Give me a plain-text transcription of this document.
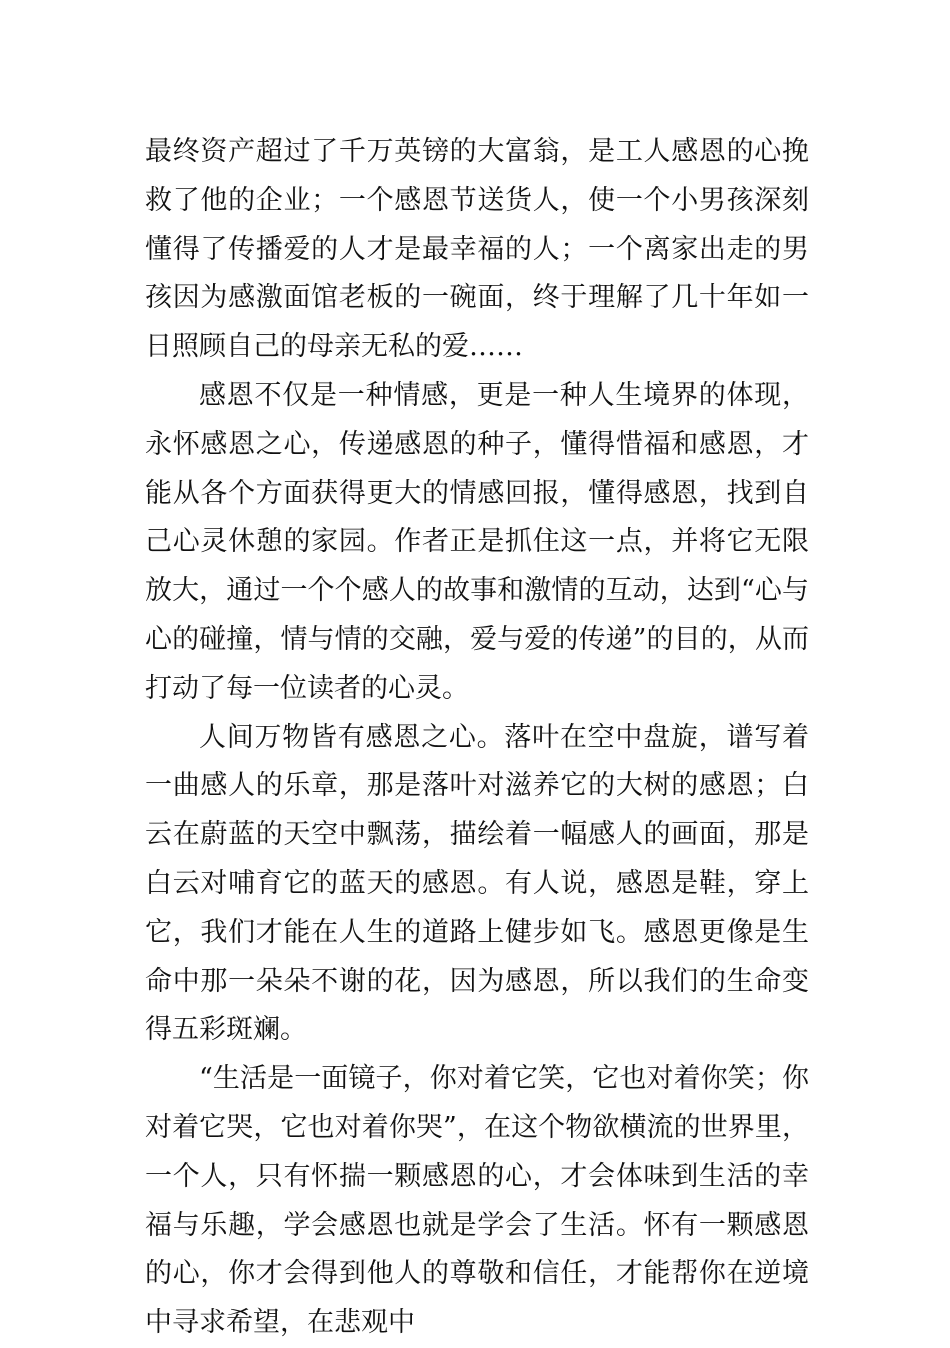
最终资产超过了千万英镑的大富翁，是工人感恩的心挽救了他的企业；一个感恩节送货人，使一个小男孩深刻懂得了传播爱的人才是最幸福的人；一个离家出走的男孩因为感激面馆老板的一碗面，终于理解了几十年如一日照顾自己的母亲无私的爱……

感恩不仅是一种情感，更是一种人生境界的体现，永怀感恩之心，传递感恩的种子，懂得惜福和感恩，才能从各个方面获得更大的情感回报，懂得感恩，找到自己心灵休憩的家园。作者正是抓住这一点，并将它无限放大，通过一个个感人的故事和激情的互动，达到“心与心的碰撞，情与情的交融，爱与爱的传递”的目的，从而打动了每一位读者的心灵。

人间万物皆有感恩之心。落叶在空中盘旋，谱写着一曲感人的乐章，那是落叶对滋养它的大树的感恩；白云在蔚蓝的天空中飘荡，描绘着一幅感人的画面，那是白云对哺育它的蓝天的感恩。有人说，感恩是鞋，穿上它，我们才能在人生的道路上健步如飞。感恩更像是生命中那一朵朵不谢的花，因为感恩，所以我们的生命变得五彩斑斓。

“生活是一面镜子，你对着它笑，它也对着你笑；你对着它哭，它也对着你哭”，在这个物欲横流的世界里，一个人，只有怀揣一颗感恩的心，才会体味到生活的幸福与乐趣，学会感恩也就是学会了生活。怀有一颗感恩的心，你才会得到他人的尊敬和信任，才能帮你在逆境中寻求希望，在悲观中
